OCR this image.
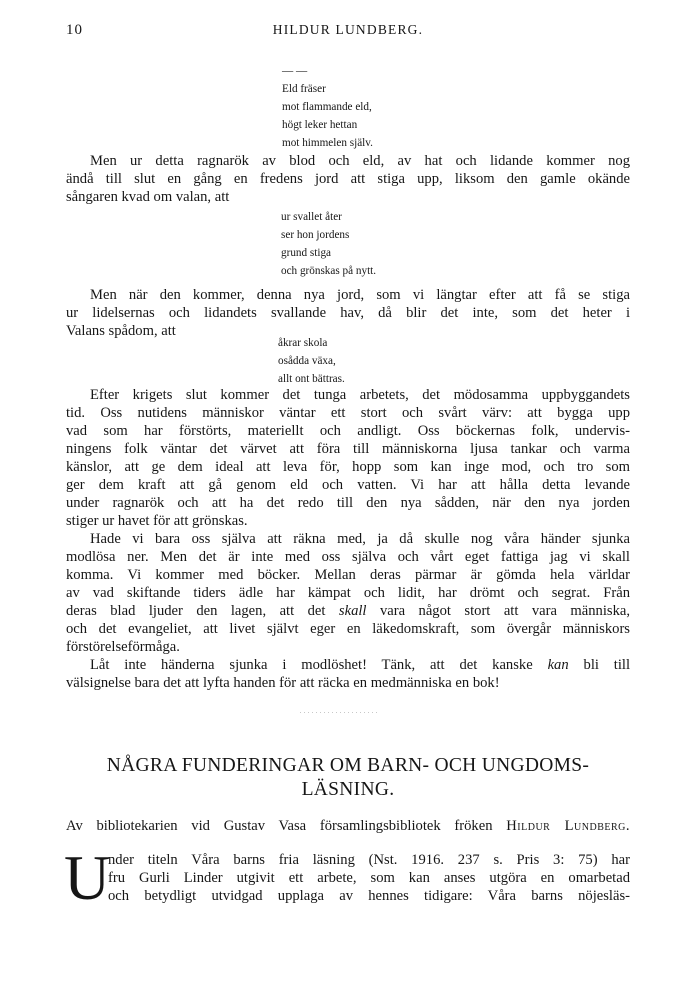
10	HILDUR LUNDBERG.
— —
Eld fräser
mot flammande eld,
högt leker hettan
mot himmelen själv.
Men ur detta ragnarök av blod och eld, av hat och lidande kommer nog
ändå till slut en gång en fredens jord att stiga upp, liksom den gamle okände
sångaren kvad om valan, att
ur svallet åter
ser hon jordens
grund stiga
och grönskas på nytt.
Men när den kommer, denna nya jord, som vi längtar efter att få se stiga
ur lidelsernas och lidandets svallande hav, då blir det inte, som det heter i
Valans spådom, att
åkrar skola
osådda växa,
allt ont bättras.
Efter krigets slut kommer det tunga arbetets, det mödosamma uppbyggandets
tid. Oss nutidens människor väntar ett stort och svårt värv: att bygga upp
vad som har förstörts, materiellt och andligt. Oss böckernas folk, undervis-
ningens folk väntar det värvet att föra till människorna ljusa tankar och varma
känslor, att ge dem ideal att leva för, hopp som kan inge mod, och tro som
ger dem kraft att gå genom eld och vatten. Vi har att hålla detta levande
under ragnarök och att ha det redo till den nya sådden, när den nya jorden
stiger ur havet för att grönskas.
Hade vi bara oss själva att räkna med, ja då skulle nog våra händer sjunka
modlösa ner. Men det är inte med oss själva och vårt eget fattiga jag vi skall
komma. Vi kommer med böcker. Mellan deras pärmar är gömda hela världar
av vad skiftande tiders ädle har kämpat och lidit, har drömt och segrat. Från
deras blad ljuder den lagen, att det skall vara något stort att vara människa,
och det evangeliet, att livet självt eger en läkedomskraft, som övergår människors
förstörelseförmåga.
Låt inte händerna sjunka i modlöshet! Tänk, att det kanske kan bli till
välsignelse bara det att lyfta handen för att räcka en medmänniska en bok!
NÅGRA FUNDERINGAR OM BARN- OCH UNGDOMS-
LÄSNING.
Av bibliotekarien vid Gustav Vasa församlingsbibliotek fröken Hildur Lundberg.
U
nder titeln Våra barns fria läsning (Nst. 1916. 237 s. Pris 3: 75) har
fru Gurli Linder utgivit ett arbete, som kan anses utgöra en omarbetad
och betydligt utvidgad upplaga av hennes tidigare: Våra barns nöjesläs-
